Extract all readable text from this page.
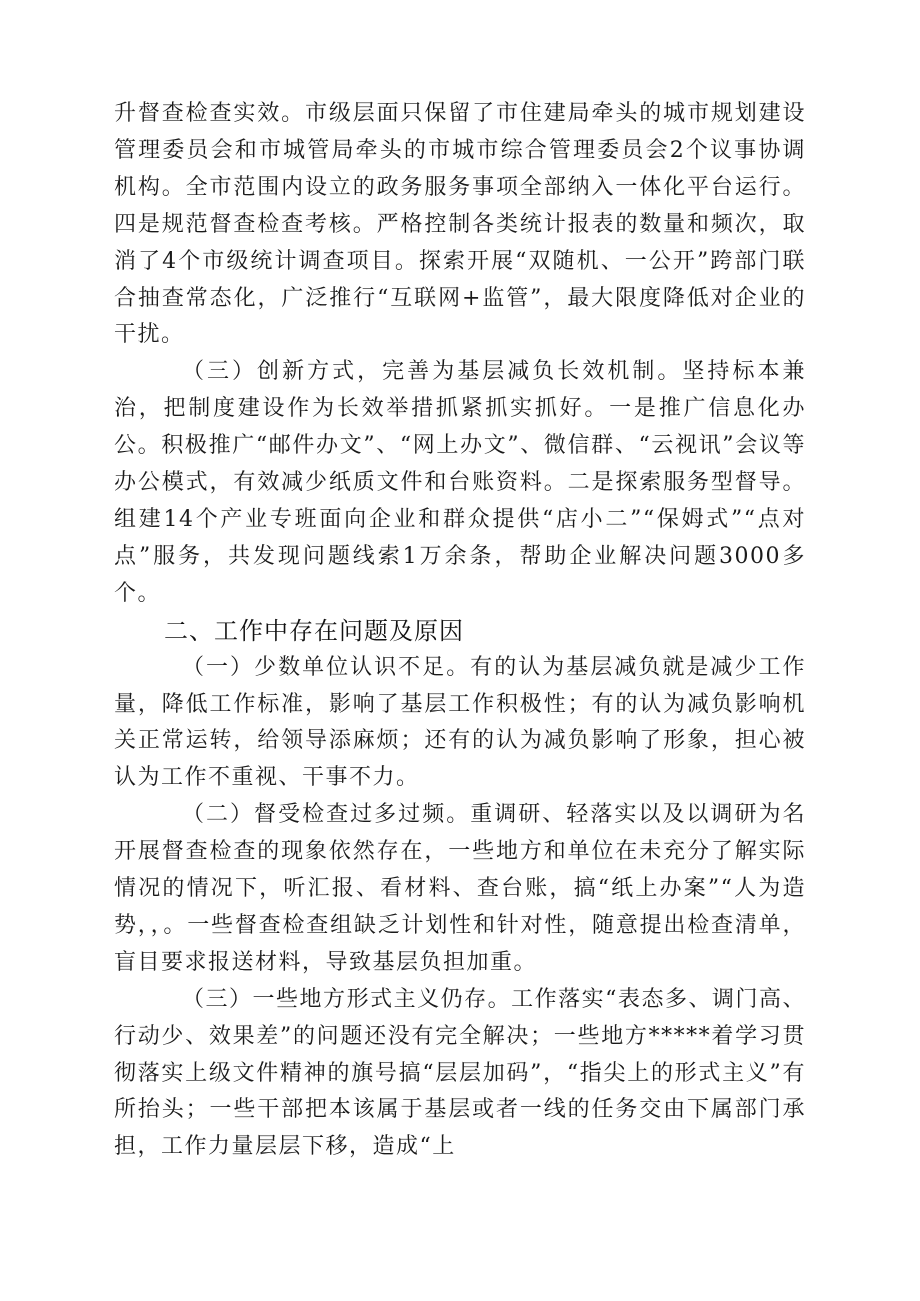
升督查检查实效。市级层面只保留了市住建局牵头的城市规划建设管理委员会和市城管局牵头的市城市综合管理委员会2个议事协调机构。全市范围内设立的政务服务事项全部纳入一体化平台运行。四是规范督查检查考核。严格控制各类统计报表的数量和频次，取消了4个市级统计调查项目。探索开展“双随机、一公开”跨部门联合抽查常态化，广泛推行“互联网+监管”，最大限度降低对企业的干扰。

（三）创新方式，完善为基层减负长效机制。坚持标本兼治，把制度建设作为长效举措抓紧抓实抓好。一是推广信息化办公。积极推广“邮件办文”、“网上办文”、微信群、“云视讯”会议等办公模式，有效减少纸质文件和台账资料。二是探索服务型督导。组建14个产业专班面向企业和群众提供“店小二”“保姆式”“点对点”服务，共发现问题线索1万余条，帮助企业解决问题3000多个。

二、工作中存在问题及原因

（一）少数单位认识不足。有的认为基层减负就是减少工作量，降低工作标准，影响了基层工作积极性；有的认为减负影响机关正常运转，给领导添麻烦；还有的认为减负影响了形象，担心被认为工作不重视、干事不力。

（二）督受检查过多过频。重调研、轻落实以及以调研为名开展督查检查的现象依然存在，一些地方和单位在未充分了解实际情况的情况下，听汇报、看材料、查台账，搞“纸上办案”“人为造势，，。一些督查检查组缺乏计划性和针对性，随意提出检查清单，盲目要求报送材料，导致基层负担加重。

（三）一些地方形式主义仍存。工作落实“表态多、调门高、行动少、效果差”的问题还没有完全解决；一些地方*****着学习贯彻落实上级文件精神的旗号搞“层层加码”，“指尖上的形式主义”有所抬头；一些干部把本该属于基层或者一线的任务交由下属部门承担，工作力量层层下移，造成“上
